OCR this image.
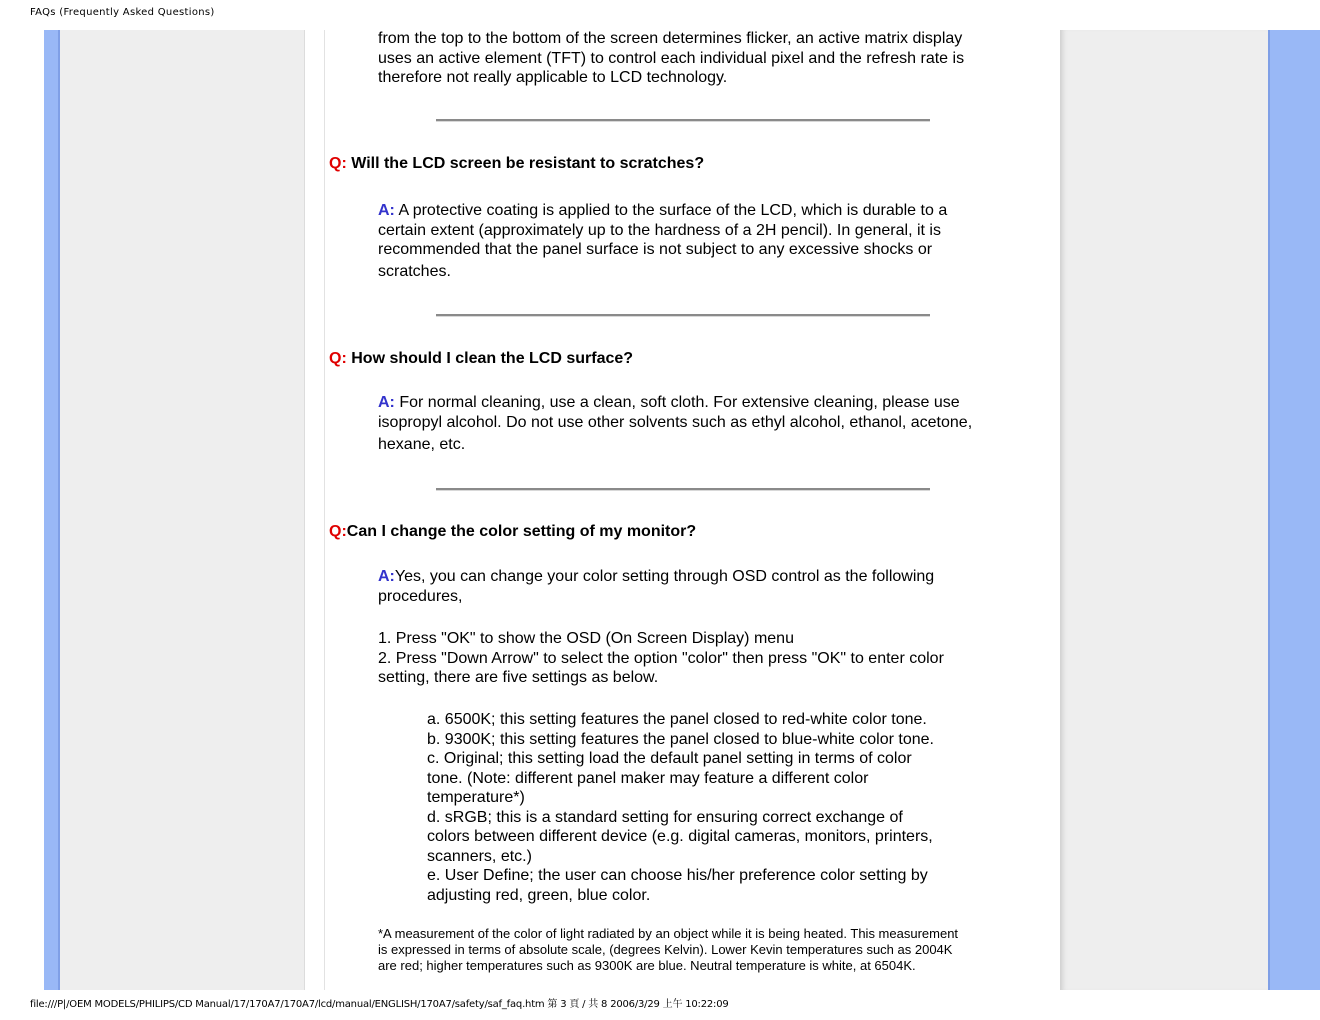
FAQs (Frequently Asked Questions)
from the top to the bottom of the screen determines flicker, an active matrix display
uses an active element (TFT) to control each individual pixel and the refresh rate is
therefore not really applicable to LCD technology.
Q: Will the LCD screen be resistant to scratches?
A: A protective coating is applied to the surface of the LCD, which is durable to a
certain extent (approximately up to the hardness of a 2H pencil). In general, it is
recommended that the panel surface is not subject to any excessive shocks or
scratches.
Q: How should I clean the LCD surface?
A: For normal cleaning, use a clean, soft cloth. For extensive cleaning, please use
isopropyl alcohol. Do not use other solvents such as ethyl alcohol, ethanol, acetone,
hexane, etc.
Q:Can I change the color setting of my monitor?
A:Yes, you can change your color setting through OSD control as the following
procedures,
1. Press "OK" to show the OSD (On Screen Display) menu
2. Press "Down Arrow" to select the option "color" then press "OK" to enter color
setting, there are five settings as below.
a. 6500K; this setting features the panel closed to red-white color tone.
b. 9300K; this setting features the panel closed to blue-white color tone.
c. Original; this setting load the default panel setting in terms of color
tone. (Note: different panel maker may feature a different color
temperature*)
d. sRGB; this is a standard setting for ensuring correct exchange of
colors between different device (e.g. digital cameras, monitors, printers,
scanners, etc.)
e. User Define; the user can choose his/her preference color setting by
adjusting red, green, blue color.
*A measurement of the color of light radiated by an object while it is being heated. This measurement
is expressed in terms of absolute scale, (degrees Kelvin). Lower Kevin temperatures such as 2004K
are red; higher temperatures such as 9300K are blue. Neutral temperature is white, at 6504K.
file:///P|/OEM MODELS/PHILIPS/CD Manual/17/170A7/170A7/lcd/manual/ENGLISH/170A7/safety/saf_faq.htm 第 3 頁 / 共 8 2006/3/29 上午 10:22:09
